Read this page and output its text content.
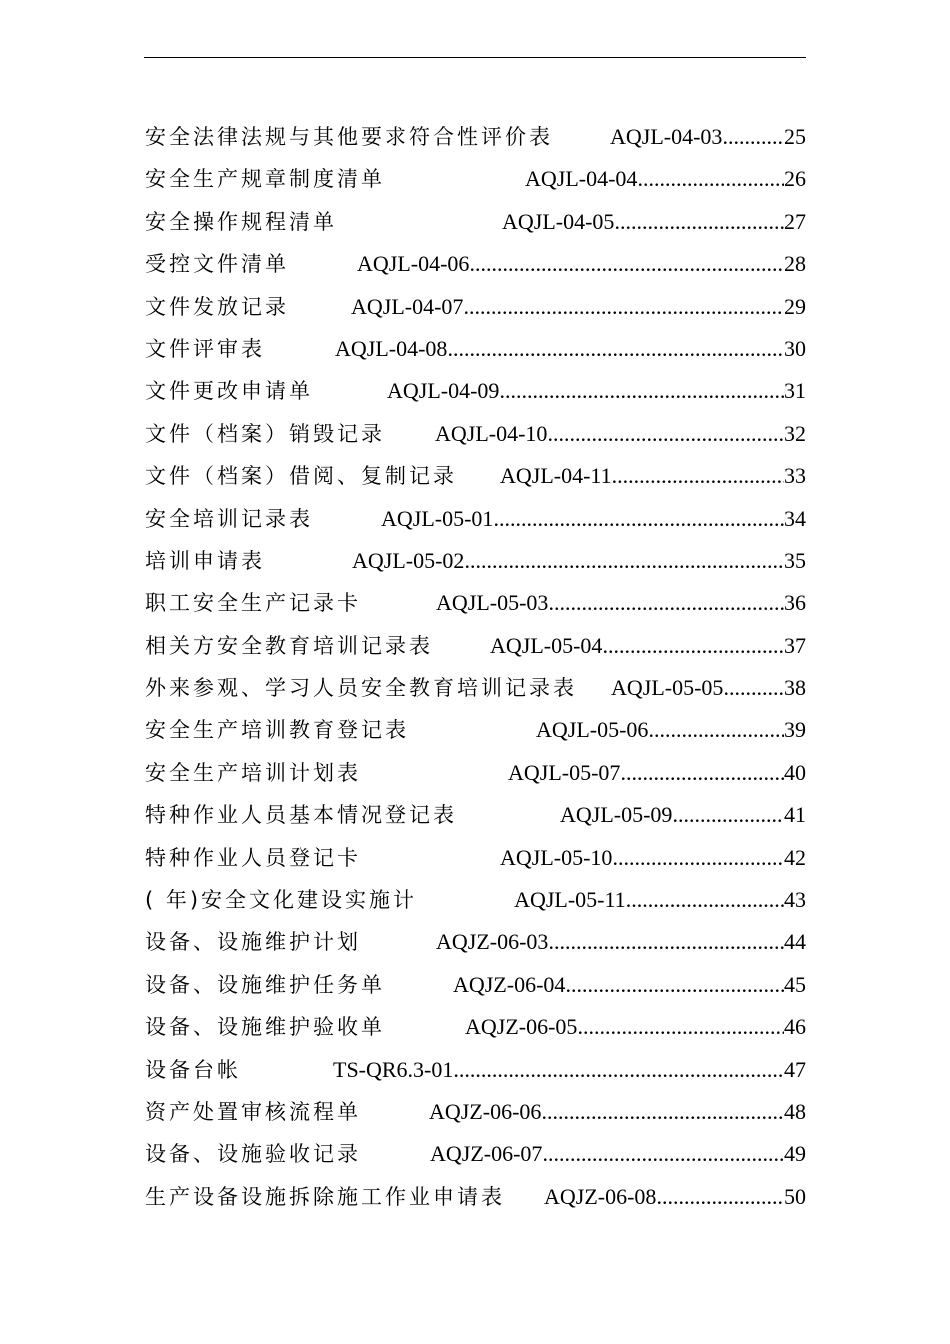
安全法律法规与其他要求符合性评价表	AQJL-04-03 .....	25
安全生产规章制度清单	AQJL-04-04 .....	26
安全操作规程清单	AQJL-04-05 .....	27
受控文件清单	AQJL-04-06 .....	28
文件发放记录	AQJL-04-07 .....	29
文件评审表	AQJL-04-08 .....	30
文件更改申请单	AQJL-04-09 .....	31
文件（档案）销毁记录 AQJL-04-10 .....	32
文件（档案）借阅、复制记录 AQJL-04-11 .....	33
安全培训记录表	AQJL-05-01 .....	34
培训申请表	AQJL-05-02 .....	35
职工安全生产记录卡	AQJL-05-03 .....	36
相关方安全教育培训记录表	AQJL-05-04 .....	37
外来参观、学习人员安全教育培训记录表 AQJL-05-05 .....	38
安全生产培训教育登记表	AQJL-05-06 .....	39
安全生产培训计划表	AQJL-05-07 .....	40
特种作业人员基本情况登记表	AQJL-05-09 .....	41
特种作业人员登记卡	AQJL-05-10 .....	42
( 年)安全文化建设实施计	AQJL-05-11 .....	43
设备、设施维护计划	AQJZ-06-03 .....	44
设备、设施维护任务单	AQJZ-06-04 .....	45
设备、设施维护验收单	AQJZ-06-05 .....	46
设备台帐	TS-QR6.3-01 .....	47
资产处置审核流程单	AQJZ-06-06 .....	48
设备、设施验收记录	AQJZ-06-07 .....	49
生产设备设施拆除施工作业申请表 AQJZ-06-08 .....	50
